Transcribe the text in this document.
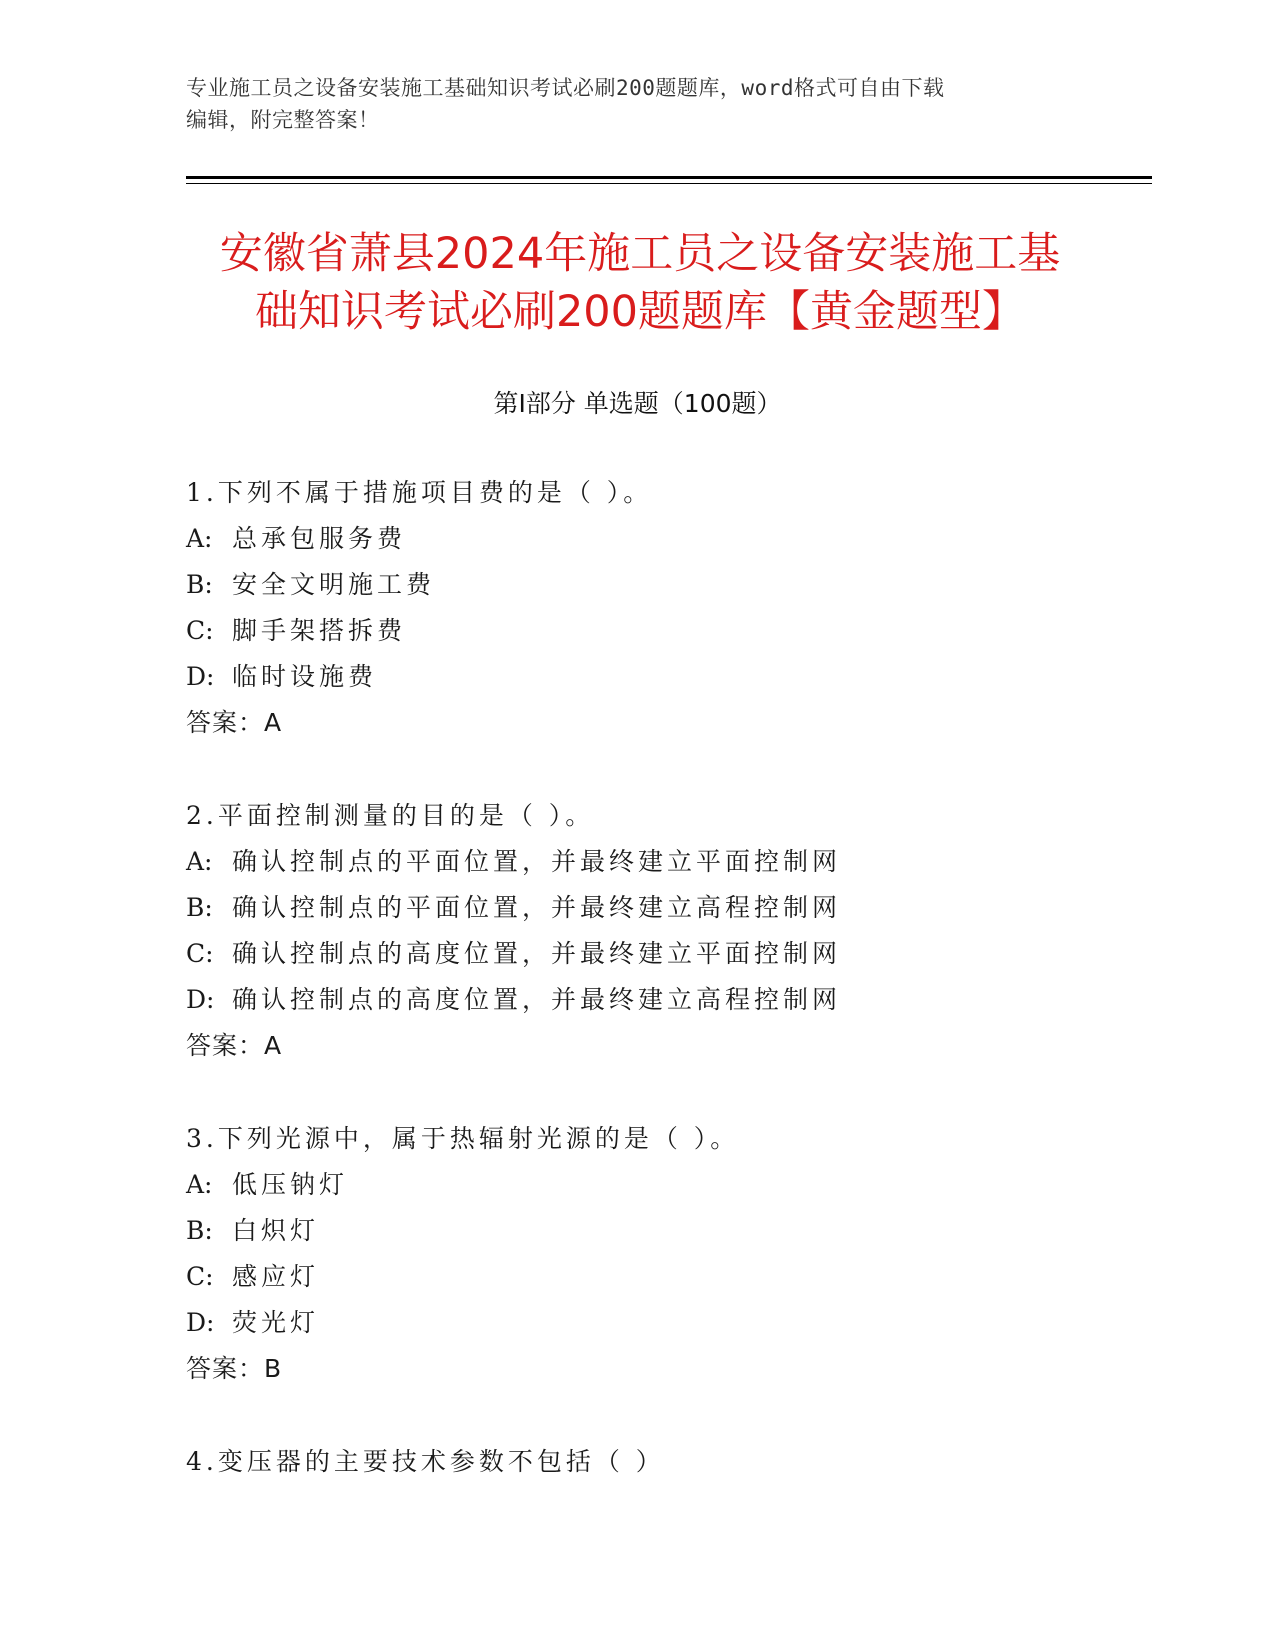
专业施工员之设备安装施工基础知识考试必刷200题题库，word格式可自由下载
编辑，附完整答案！
安徽省萧县2024年施工员之设备安装施工基
础知识考试必刷200题题库【黄金题型】
第Ⅰ部分 单选题（100题）
1.下列不属于措施项目费的是（ ）。
A: 总承包服务费
B: 安全文明施工费
C: 脚手架搭拆费
D: 临时设施费
答案：A
2.平面控制测量的目的是（ ）。
A: 确认控制点的平面位置，并最终建立平面控制网
B: 确认控制点的平面位置，并最终建立高程控制网
C: 确认控制点的高度位置，并最终建立平面控制网
D: 确认控制点的高度位置，并最终建立高程控制网
答案：A
3.下列光源中，属于热辐射光源的是（ ）。
A: 低压钠灯
B: 白炽灯
C: 感应灯
D: 荧光灯
答案：B
4.变压器的主要技术参数不包括（ ）
